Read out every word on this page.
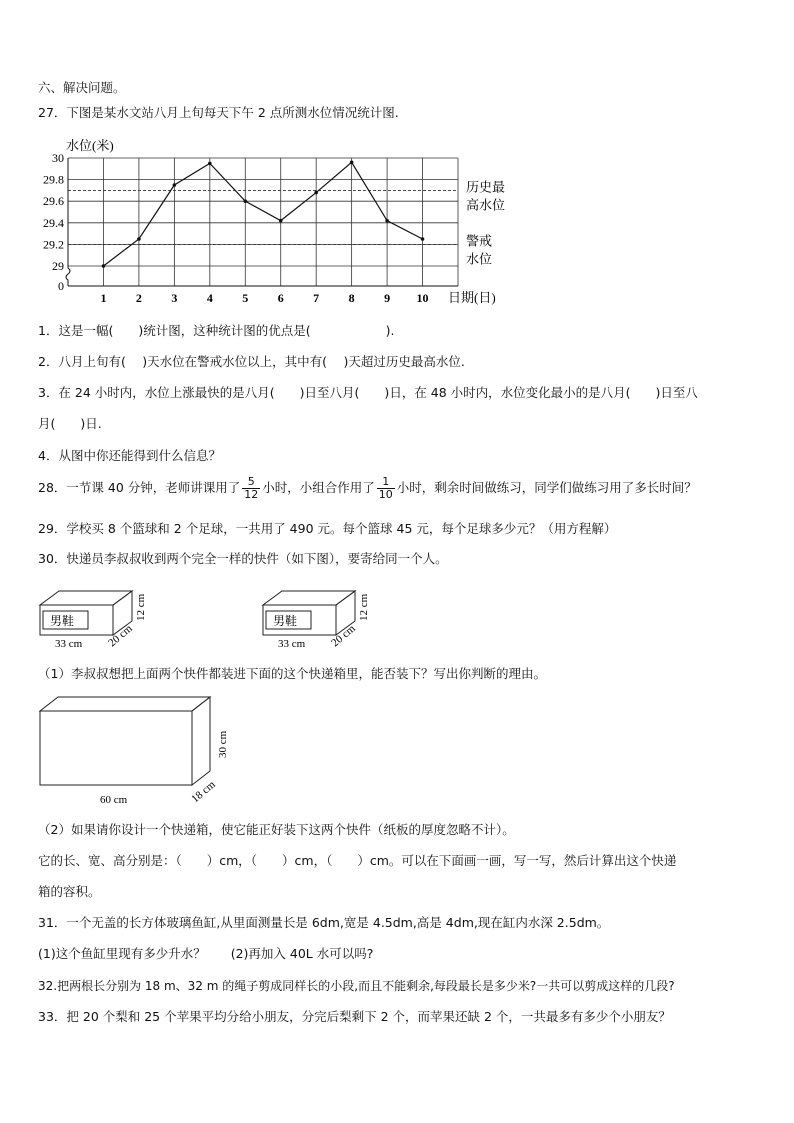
六、解决问题。
27．下图是某水文站八月上旬每天下午 2 点所测水位情况统计图.
历史最
高水位
警戒
水位
30
29.8
29.6
29.4
29.2
29
0
1 2 3 4 5 6 7 8 9 10
水位(米)
日期(日)
1．这是一幅(　　)统计图，这种统计图的优点是(　　　　　　).
2．八月上旬有(　 )天水位在警戒水位以上，其中有(　 )天超过历史最高水位.
3．在 24 小时内，水位上涨最快的是八月(　　)日至八月(　　)日，在 48 小时内，水位变化最小的是八月(　　)日至八
月(　　)日.
4．从图中你还能得到什么信息？
28．一节课 40 分钟，老师讲课用了 $\frac{5}{12}$ 小时，小组合作用了 $\frac{1}{10}$ 小时，剩余时间做练习，同学们做练习用了多长时间？
29．学校买 8 个篮球和 2 个足球，一共用了 490 元。每个篮球 45 元，每个足球多少元？（用方程解）
30．快递员李叔叔收到两个完全一样的快件（如下图），要寄给同一个人。
男鞋
33 cm 20 cm
12 cm	男鞋
33 cm 20 cm
12 cm
（1）李叔叔想把上面两个快件都装进下面的这个快递箱里，能否装下？写出你判断的理由。
60 cm	18 cm
30 cm
（2）如果请你设计一个快递箱，使它能正好装下这两个快件（纸板的厚度忽略不计）。
它的长、宽、高分别是：（　　）cm，（　　）cm，（　　）cm。可以在下面画一画，写一写，然后计算出这个快递
箱的容积。
31．一个无盖的长方体玻璃鱼缸,从里面测量长是 6dm,宽是 4.5dm,高是 4dm,现在缸内水深 2.5dm。
(1)这个鱼缸里现有多少升水？　　(2)再加入 40L 水可以吗?
32.把两根长分别为 18 m、32 m 的绳子剪成同样长的小段,而且不能剩余,每段最长是多少米?一共可以剪成这样的几段?
33．把 20 个梨和 25 个苹果平均分给小朋友，分完后梨剩下 2 个，而苹果还缺 2 个，一共最多有多少个小朋友？
